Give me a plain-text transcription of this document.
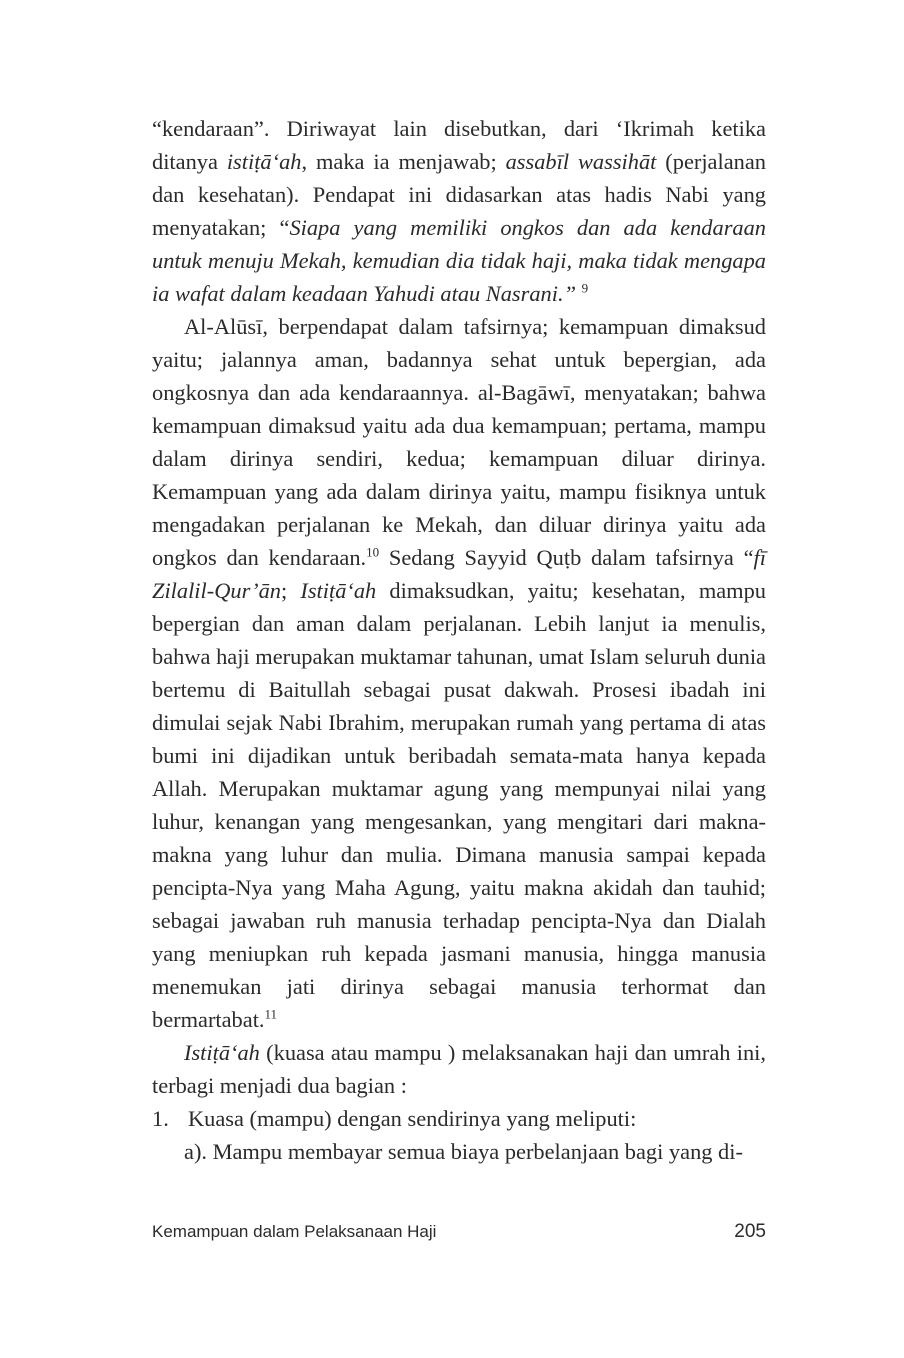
“kendaraan”. Diriwayat lain disebutkan, dari ‘Ikrimah ketika ditanya istiṭā‘ah, maka ia menjawab; assabīl wassihāt (perjalanan dan kesehatan). Pendapat ini didasarkan atas hadis Nabi yang menyatakan; “Siapa yang memiliki ongkos dan ada kendaraan untuk menuju Mekah, kemudian dia tidak haji, maka tidak mengapa ia wafat dalam keadaan Yahudi atau Nasrani.” $^9$

Al-Alūsī, berpendapat dalam tafsirnya; kemampuan dimaksud yaitu; jalannya aman, badannya sehat untuk bepergian, ada ongkosnya dan ada kendaraannya. al-Bagāwī, menyatakan; bahwa kemampuan dimaksud yaitu ada dua kemampuan; pertama, mampu dalam dirinya sendiri, kedua; kemampuan diluar dirinya. Kemampuan yang ada dalam dirinya yaitu, mampu fisiknya untuk mengadakan perjalanan ke Mekah, dan diluar dirinya yaitu ada ongkos dan kendaraan.$^{10}$ Sedang Sayyid Quṭb dalam tafsirnya “fī Zilalil-Qur’ān; Istiṭā‘ah dimaksudkan, yaitu; kesehatan, mampu bepergian dan aman dalam perjalanan. Lebih lanjut ia menulis, bahwa haji merupakan muktamar tahunan, umat Islam seluruh dunia bertemu di Baitullah sebagai pusat dakwah. Prosesi ibadah ini dimulai sejak Nabi Ibrahim, merupakan rumah yang pertama di atas bumi ini dijadikan untuk beribadah semata-mata hanya kepada Allah. Merupakan muktamar agung yang mempunyai nilai yang luhur, kenangan yang mengesankan, yang mengitari dari makna-makna yang luhur dan mulia. Dimana manusia sampai kepada pencipta-Nya yang Maha Agung, yaitu makna akidah dan tauhid; sebagai jawaban ruh manusia terhadap pencipta-Nya dan Dialah yang meniupkan ruh kepada jasmani manusia, hingga manusia menemukan jati dirinya sebagai manusia terhormat dan bermartabat.$^{11}$

Istiṭā‘ah (kuasa atau mampu ) melaksanakan haji dan umrah ini, terbagi menjadi dua bagian :

1. Kuasa (mampu) dengan sendirinya yang meliputi:

a). Mampu membayar semua biaya perbelanjaan bagi yang di-

Kemampuan dalam Pelaksanaan Haji	205
